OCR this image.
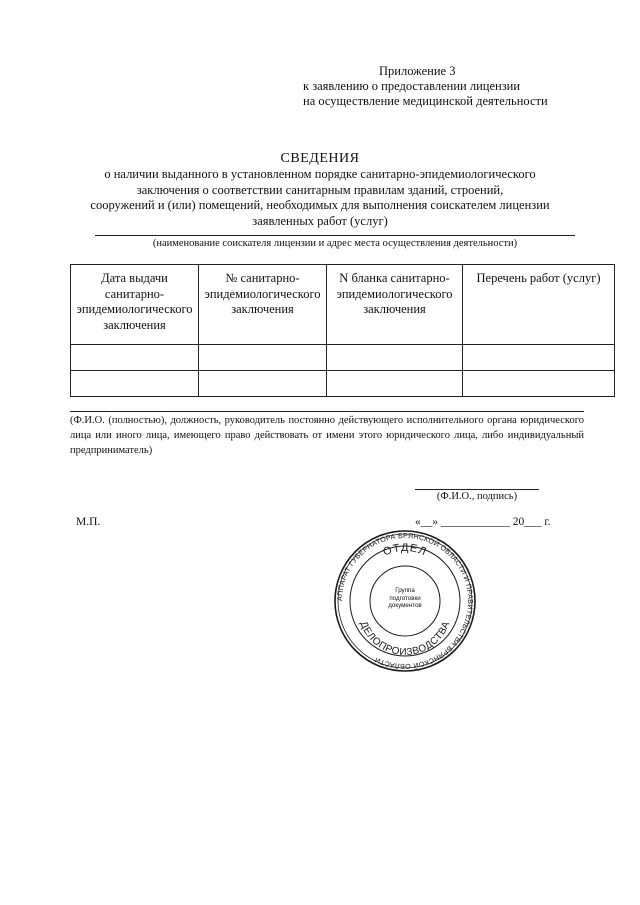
Приложение 3
к заявлению о предоставлении лицензии
на осуществление медицинской деятельности
СВЕДЕНИЯ
о наличии выданного в установленном порядке санитарно-эпидемиологического
заключения о соответствии санитарным правилам зданий, строений,
сооружений и (или) помещений, необходимых для выполнения соискателем лицензии
заявленных работ (услуг)
(наименование соискателя лицензии и адрес места осуществления деятельности)
Дата выдачи санитарно-эпидемиологического заключения	№ санитарно-эпидемиологического заключения	N бланка санитарно-эпидемиологического заключения	Перечень работ (услуг)

(Ф.И.О. (полностью), должность, руководитель постоянно действующего исполнительного органа юридического лица или иного лица, имеющего право действовать от имени этого юридического лица, либо индивидуальный предприниматель)
(Ф.И.О., подпись)
М.П.	«__» ____________ 20___ г.
АППАРАТ ГУБЕРНАТОРА БРЯНСКОЙ ОБЛАСТИ И ПРАВИТЕЛЬСТВА БРЯНСКОЙ ОБЛАСТИ
ОТДЕЛ
ДЕЛОПРОИЗВОДСТВА
Группа
подготовки
документов
